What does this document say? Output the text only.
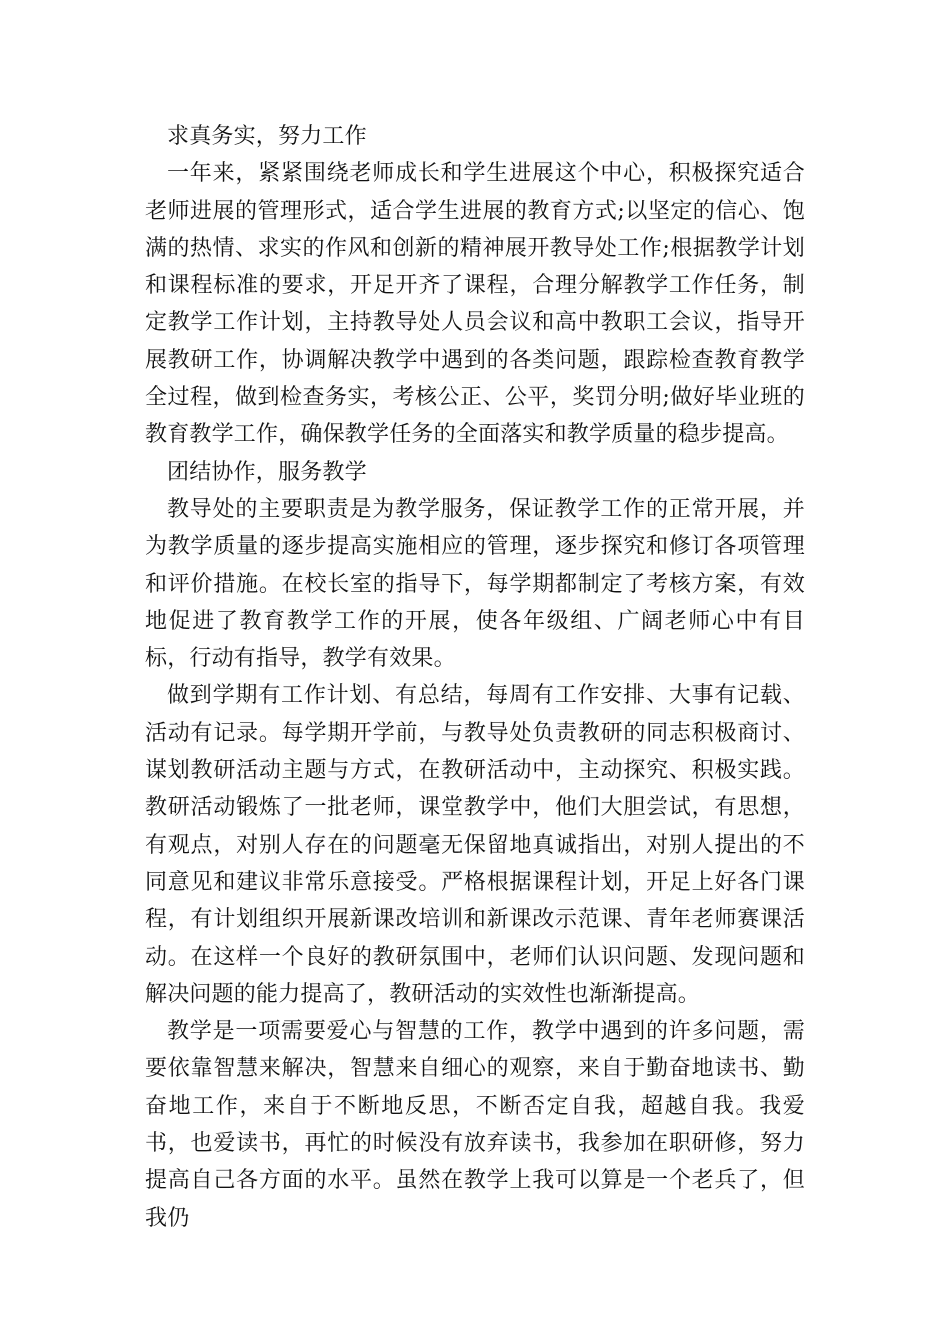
求真务实，努力工作

一年来，紧紧围绕老师成长和学生进展这个中心，积极探究适合老师进展的管理形式，适合学生进展的教育方式;以坚定的信心、饱满的热情、求实的作风和创新的精神展开教导处工作;根据教学计划和课程标准的要求，开足开齐了课程，合理分解教学工作任务，制定教学工作计划，主持教导处人员会议和高中教职工会议，指导开展教研工作，协调解决教学中遇到的各类问题，跟踪检查教育教学全过程，做到检查务实，考核公正、公平，奖罚分明;做好毕业班的教育教学工作，确保教学任务的全面落实和教学质量的稳步提高。

团结协作，服务教学

教导处的主要职责是为教学服务，保证教学工作的正常开展，并为教学质量的逐步提高实施相应的管理，逐步探究和修订各项管理和评价措施。在校长室的指导下，每学期都制定了考核方案，有效地促进了教育教学工作的开展，使各年级组、广阔老师心中有目标，行动有指导，教学有效果。

做到学期有工作计划、有总结，每周有工作安排、大事有记载、活动有记录。每学期开学前，与教导处负责教研的同志积极商讨、谋划教研活动主题与方式，在教研活动中，主动探究、积极实践。教研活动锻炼了一批老师，课堂教学中，他们大胆尝试，有思想，有观点，对别人存在的问题毫无保留地真诚指出，对别人提出的不同意见和建议非常乐意接受。严格根据课程计划，开足上好各门课程，有计划组织开展新课改培训和新课改示范课、青年老师赛课活动。在这样一个良好的教研氛围中，老师们认识问题、发现问题和解决问题的能力提高了，教研活动的实效性也渐渐提高。

教学是一项需要爱心与智慧的工作，教学中遇到的许多问题，需要依靠智慧来解决，智慧来自细心的观察，来自于勤奋地读书、勤奋地工作，来自于不断地反思，不断否定自我，超越自我。我爱书，也爱读书，再忙的时候没有放弃读书，我参加在职研修，努力提高自己各方面的水平。虽然在教学上我可以算是一个老兵了，但我仍
